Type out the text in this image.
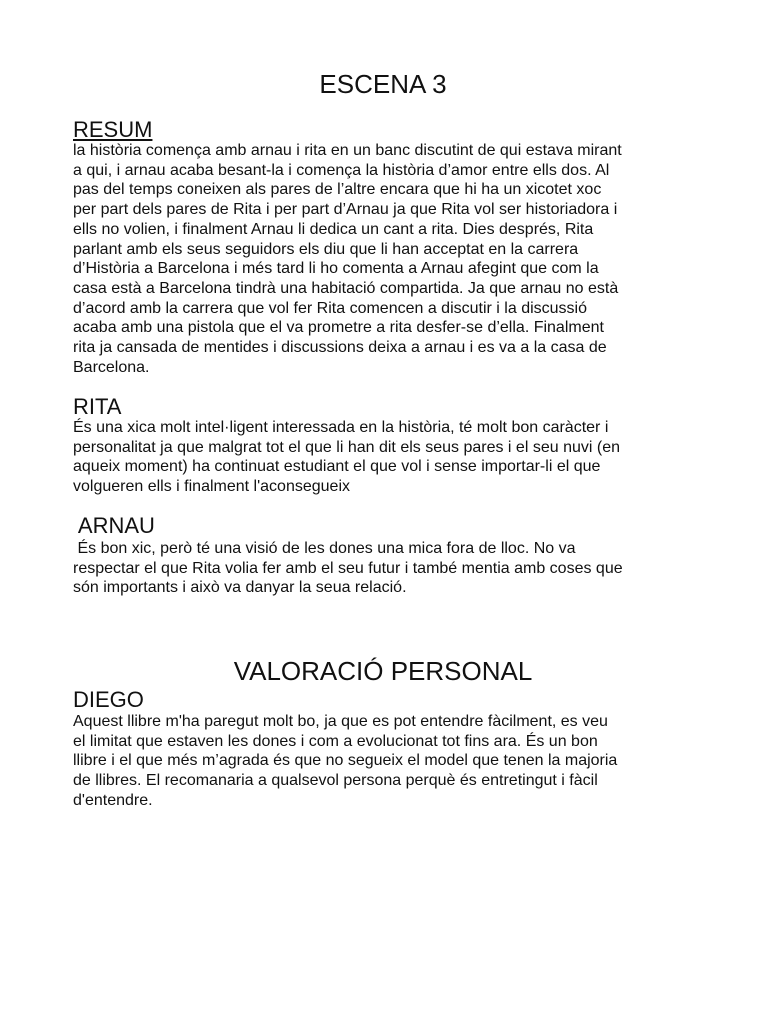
ESCENA 3
RESUM

la història comença amb arnau i rita en un banc discutint de qui estava mirant
a qui, i arnau acaba besant-la i comença la història d’amor entre ells dos. Al
pas del temps coneixen als pares de l’altre encara que hi ha un xicotet xoc
per part dels pares de Rita i per part d’Arnau ja que Rita vol ser historiadora i
ells no volien, i finalment Arnau li dedica un cant a rita. Dies després, Rita
parlant amb els seus seguidors els diu que li han acceptat en la carrera
d’Història a Barcelona i més tard li ho comenta a Arnau afegint que com la
casa està a Barcelona tindrà una habitació compartida. Ja que arnau no està
d’acord amb la carrera que vol fer Rita comencen a discutir i la discussió
acaba amb una pistola que el va prometre a rita desfer-se d’ella. Finalment
rita ja cansada de mentides i discussions deixa a arnau i es va a la casa de
Barcelona.

RITA

És una xica molt intel·ligent interessada en la història, té molt bon caràcter i
personalitat ja que malgrat tot el que li han dit els seus pares i el seu nuvi (en
aqueix moment) ha continuat estudiant el que vol i sense importar-li el que
volgueren ells i finalment l'aconsegueix

ARNAU

És bon xic, però té una visió de les dones una mica fora de lloc. No va
respectar el que Rita volia fer amb el seu futur i també mentia amb coses que
són importants i això va danyar la seua relació.

VALORACIÓ PERSONAL
DIEGO

Aquest llibre m'ha paregut molt bo, ja que es pot entendre fàcilment, es veu
el limitat que estaven les dones i com a evolucionat tot fins ara. És un bon
llibre i el que més m’agrada és que no segueix el model que tenen la majoria
de llibres. El recomanaria a qualsevol persona perquè és entretingut i fàcil
d'entendre.
